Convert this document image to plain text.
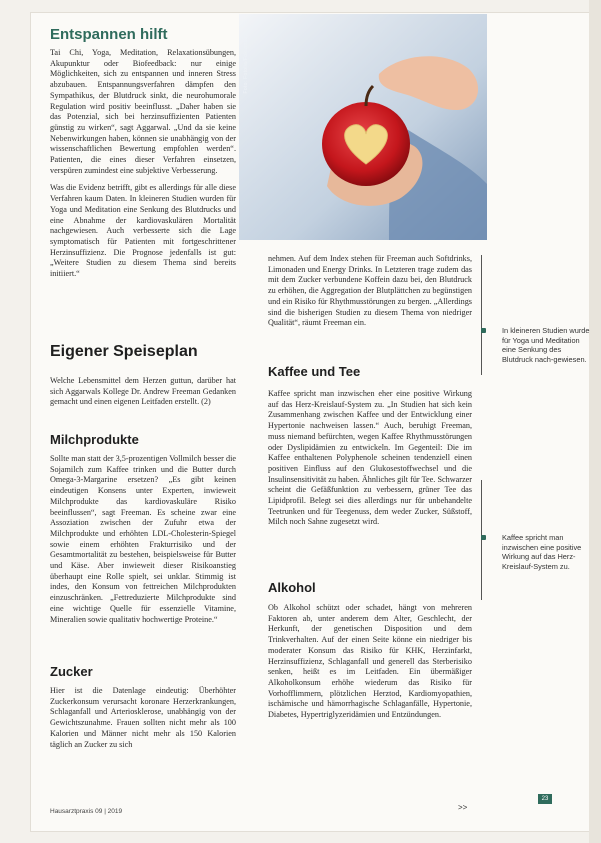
Entspannen hilft

Tai Chi, Yoga, Meditation, Relaxationsübungen, Akupunktur oder Biofeedback: nur einige Möglichkeiten, sich zu entspannen und inneren Stress abzubauen. Entspannungsverfahren dämpfen den Sympathikus, der Blutdruck sinkt, die neurohumorale Regulation wird positiv beeinflusst. „Daher haben sie das Potenzial, sich bei herzinsuffizienten Patienten günstig zu wirken“, sagt Aggarwal. „Und da sie keine Nebenwirkungen haben, können sie unabhängig von der wissenschaftlichen Bewertung empfohlen werden“. Patienten, die eines dieser Verfahren einsetzen, verspüren zumindest eine subjektive Verbesserung.

Was die Evidenz betrifft, gibt es allerdings für alle diese Verfahren kaum Daten. In kleineren Studien wurden für Yoga und Meditation eine Senkung des Blutdrucks und eine Abnahme der kardiovaskulären Mortalität nachgewiesen. Auch verbesserte sich die Lage symptomatisch für Patienten mit fortgeschrittener Herzinsuffizienz. Die Prognose jedenfalls ist gut: „Weitere Studien zu diesem Thema sind bereits initiiert.“

Eigener Speiseplan
Welche Lebensmittel dem Herzen guttun, darüber hat sich Aggarwals Kollege Dr. Andrew Freeman Gedanken gemacht und einen eigenen Leitfaden erstellt. (2)
Milchprodukte
Sollte man statt der 3,5-prozentigen Vollmilch besser die Sojamilch zum Kaffee trinken und die Butter durch Omega-3-Margarine ersetzen? „Es gibt keinen eindeutigen Konsens unter Experten, inwieweit Milchprodukte das kardiovaskuläre Risiko beeinflussen“, sagt Freeman. Es scheine zwar eine Assoziation zwischen der Zufuhr etwa der Milchprodukte und erhöhten LDL-Cholesterin-Spiegel sowie einem erhöhten Frakturrisiko und der Gesamtmortalität zu bestehen, beispielsweise für Butter und Käse. Aber inwieweit dieser Risikoanstieg überhaupt eine Rolle spielt, sei unklar. Stimmig ist indes, den Konsum von fettreichen Milchprodukten einzuschränken. „Fettreduzierte Milchprodukte sind eine wichtige Quelle für essenzielle Vitamine, Mineralien sowie qualitativ hochwertige Proteine.“
Zucker
Hier ist die Datenlage eindeutig: Überhöhter Zuckerkonsum verursacht koronare Herzerkrankungen, Schlaganfall und Arteriosklerose, unabhängig von der Gewichtszunahme. Frauen sollten nicht mehr als 100 Kalorien und Männer nicht mehr als 150 Kalorien täglich an Zucker zu sich
Foto: Fotolia/Fokussiert
nehmen. Auf dem Index stehen für Freeman auch Softdrinks, Limonaden und Energy Drinks. In Letzteren trage zudem das mit dem Zucker verbundene Koffein dazu bei, den Blutdruck zu erhöhen, die Aggregation der Blutplättchen zu begünstigen und ein Risiko für Rhythmusstörungen zu bergen. „Allerdings sind die bisherigen Studien zu diesem Thema von niedriger Qualität“, räumt Freeman ein.
Kaffee und Tee
Kaffee spricht man inzwischen eher eine positive Wirkung auf das Herz-Kreislauf-System zu. „In Studien hat sich kein Zusammenhang zwischen Kaffee und der Entwicklung einer Hypertonie nachweisen lassen.“ Auch, beruhigt Freeman, muss niemand befürchten, wegen Kaffee Rhythmusstörungen oder Dyslipidämien zu entwickeln. Im Gegenteil: Die im Kaffee enthaltenen Polyphenole scheinen tendenziell einen positiven Einfluss auf den Glukosestoffwechsel und die Insulinsensitivität zu haben. Ähnliches gilt für Tee. Schwarzer scheint die Gefäßfunktion zu verbessern, grüner Tee das Lipidprofil. Belegt sei dies allerdings nur für unbehandelte Teetrunken und für Teegenuss, dem weder Zucker, Süßstoff, Milch noch Sahne zugesetzt wird.
Alkohol
Ob Alkohol schützt oder schadet, hängt von mehreren Faktoren ab, unter anderem dem Alter, Geschlecht, der Herkunft, der genetischen Disposition und dem Trinkverhalten. Auf der einen Seite könne ein niedriger bis moderater Konsum das Risiko für KHK, Herzinfarkt, Herzinsuffizienz, Schlaganfall und generell das Sterberisiko senken, heißt es im Leitfaden. Ein übermäßiger Alkoholkonsum erhöhe wiederum das Risiko für Vorhofflimmern, plötzlichen Herztod, Kardiomyopathien, ischämische und hämorrhagische Schlaganfälle, Hypertonie, Diabetes, Hypertriglyzeridämien und Entzündungen.
>>
In kleineren Studien wurde für Yoga und Meditation eine Senkung des Blutdruck nach-gewiesen.
Kaffee spricht man inzwischen eine positive Wirkung auf das Herz-Kreislauf-System zu.
Hausarztpraxis 09 | 2019
23
